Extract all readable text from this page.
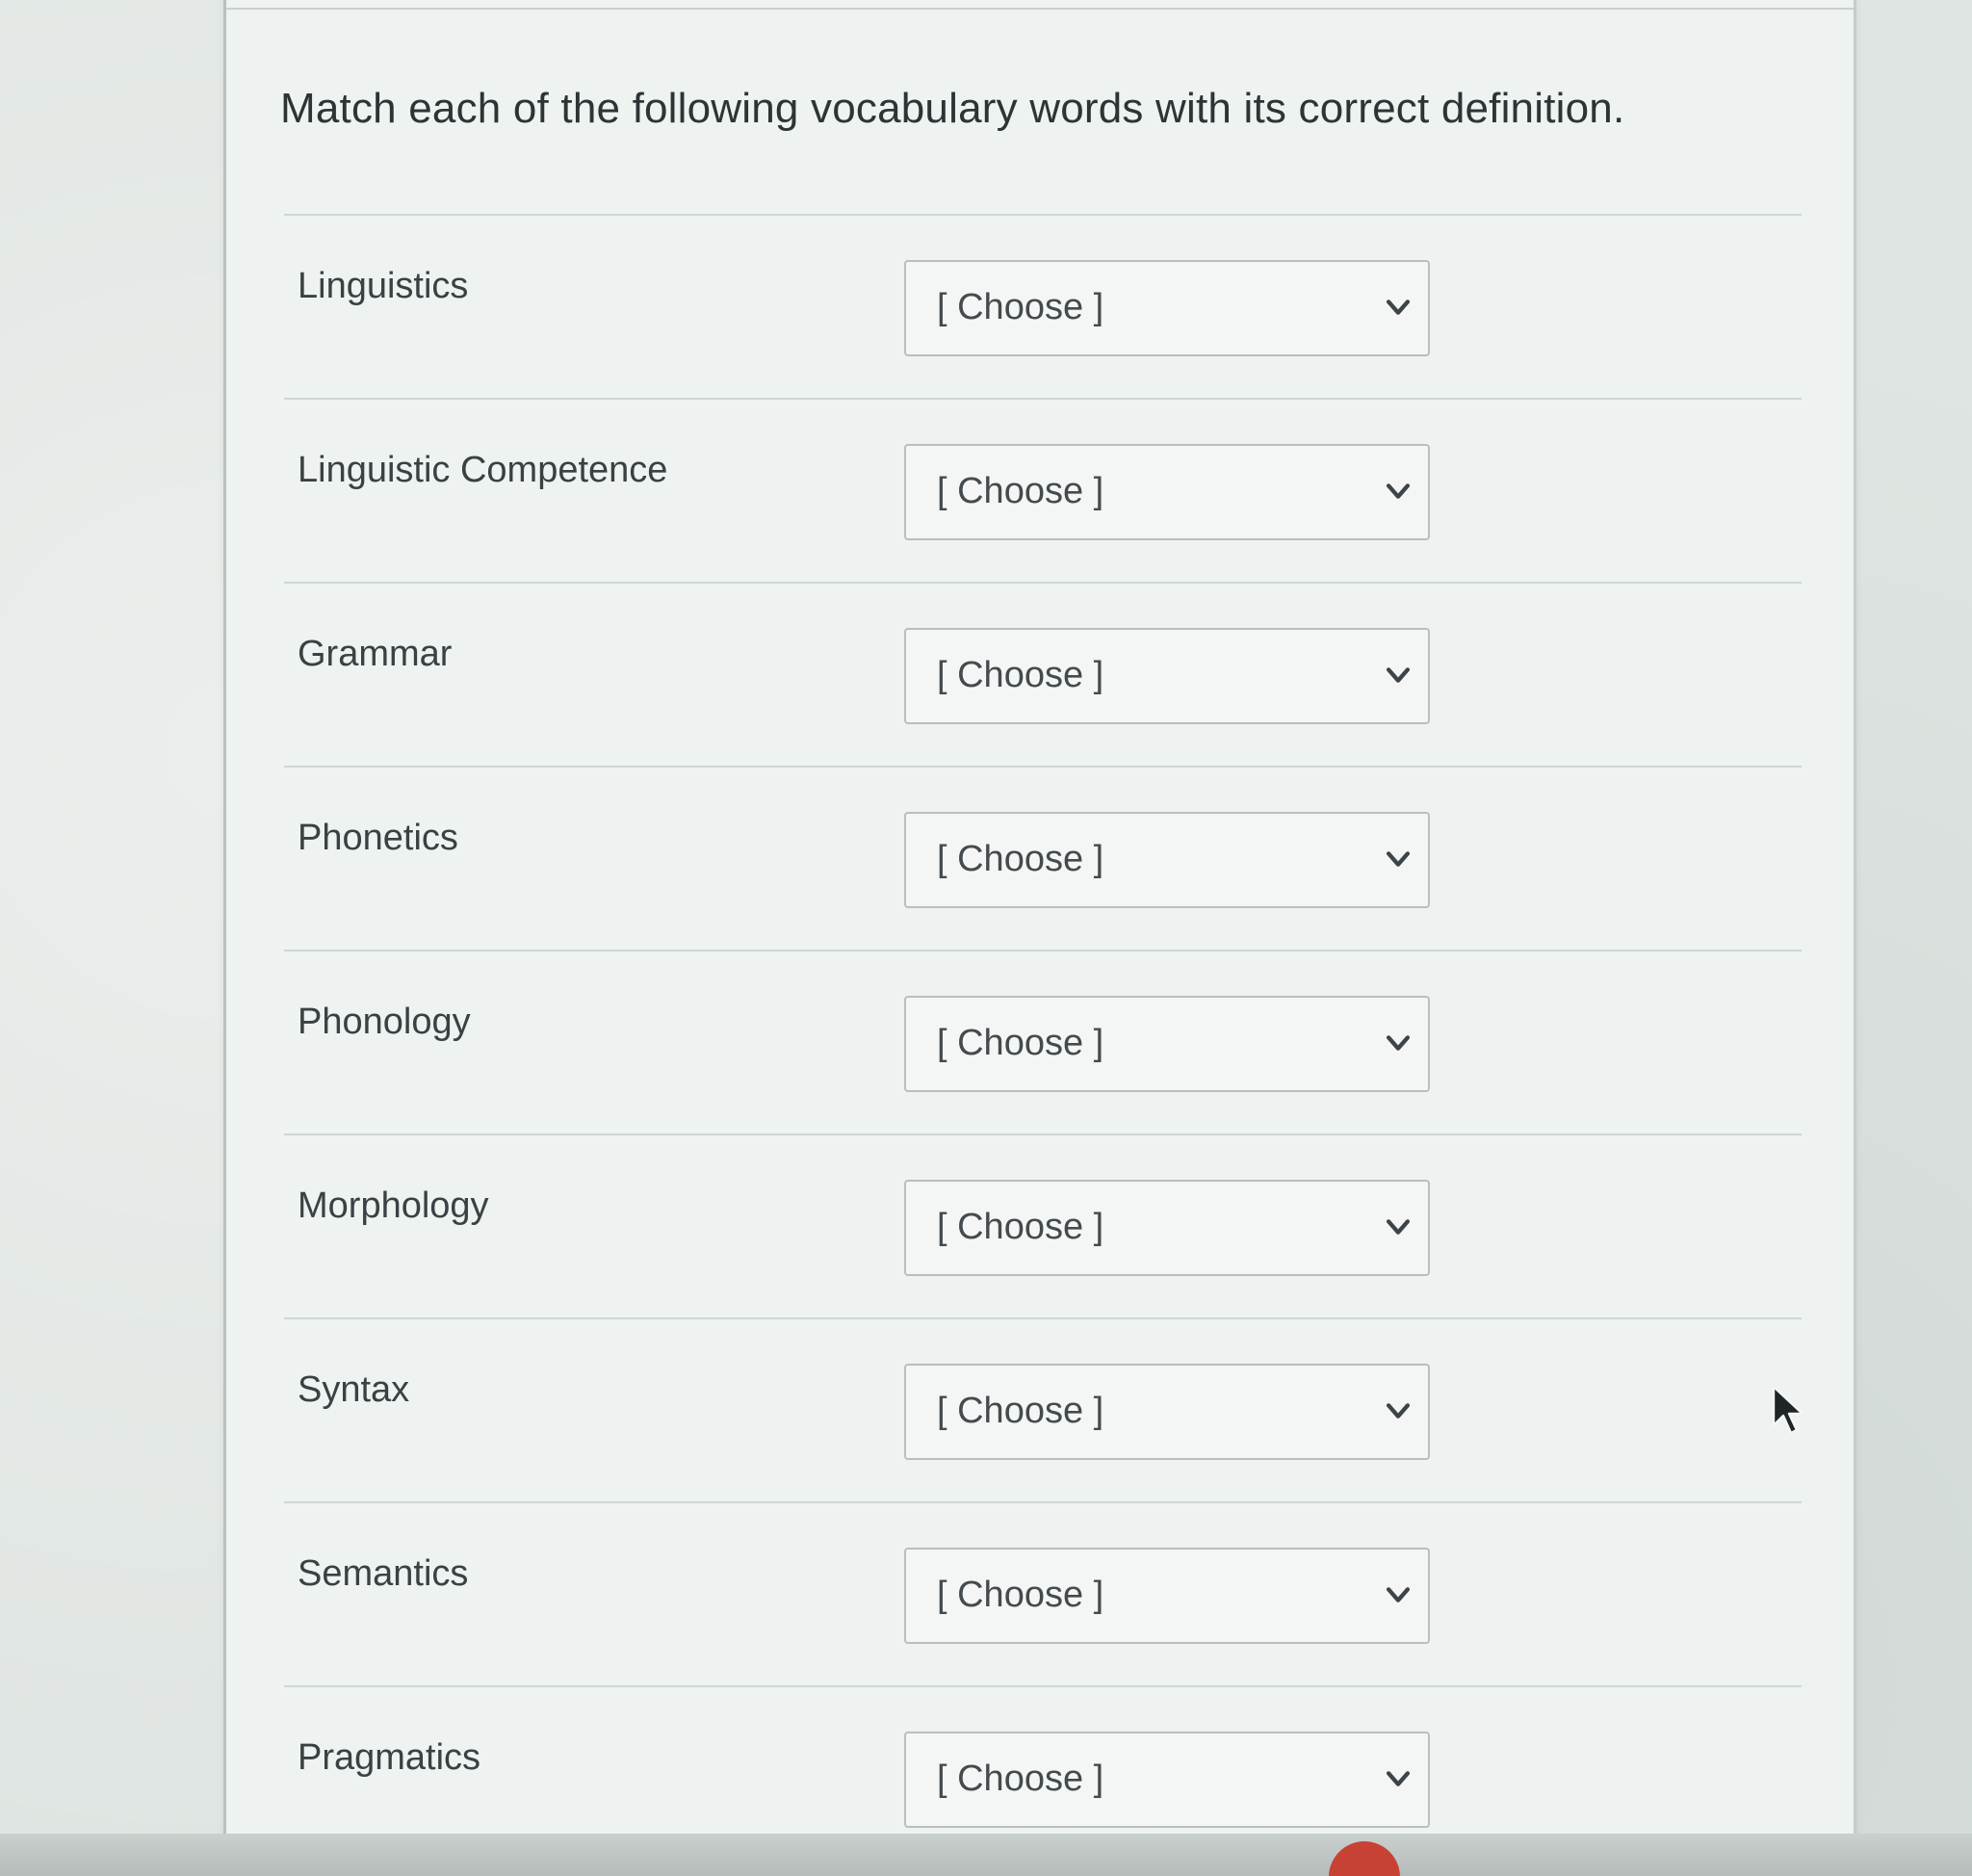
Match each of the following vocabulary words with its correct definition.
Linguistics
[ Choose ]
Linguistic Competence
[ Choose ]
Grammar
[ Choose ]
Phonetics
[ Choose ]
Phonology
[ Choose ]
Morphology
[ Choose ]
Syntax
[ Choose ]
Semantics
[ Choose ]
Pragmatics
[ Choose ]
